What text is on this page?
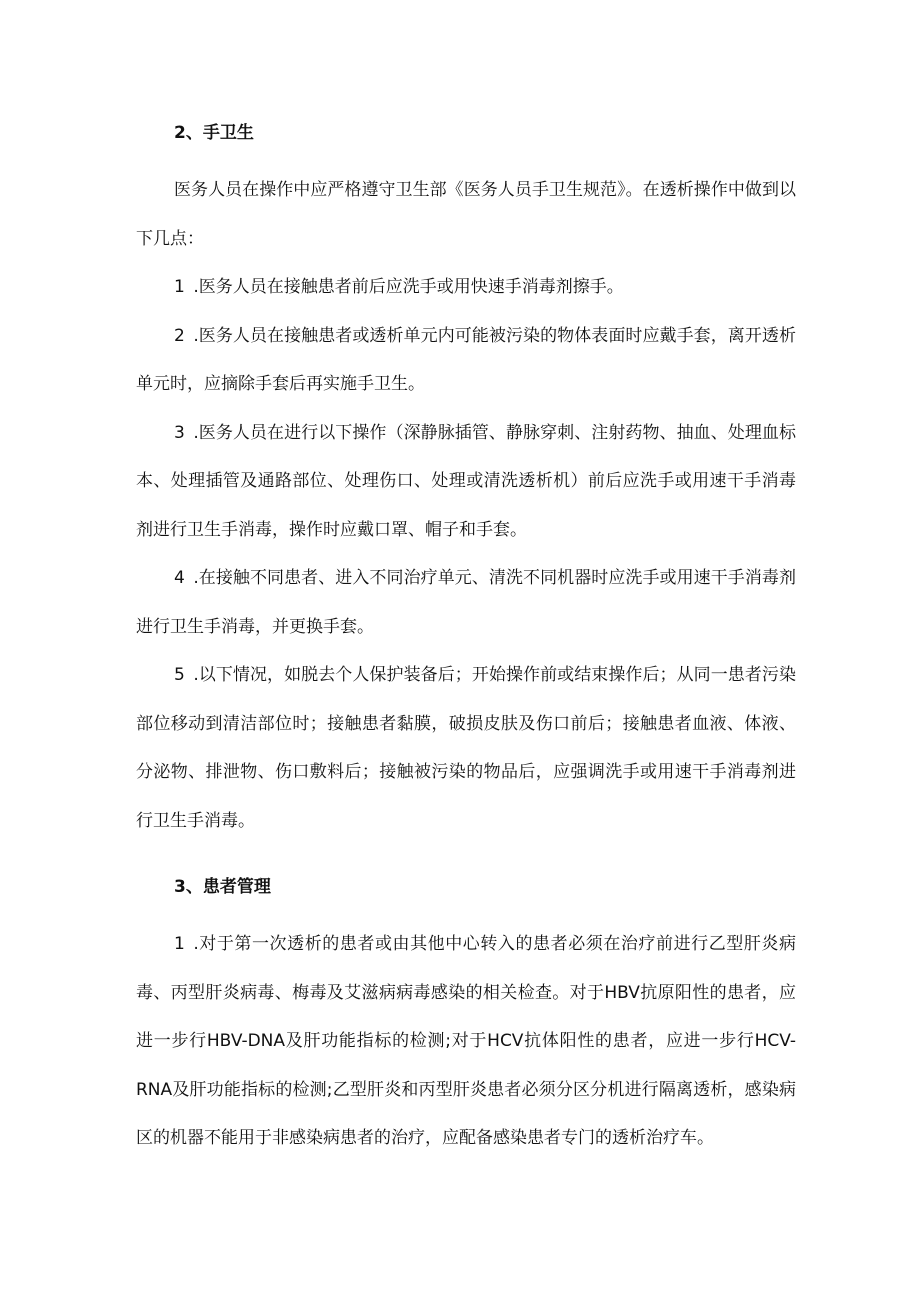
2、手卫生

医务人员在操作中应严格遵守卫生部《医务人员手卫生规范》。在透析操作中做到以下几点：

1 .医务人员在接触患者前后应洗手或用快速手消毒剂擦手。

2 .医务人员在接触患者或透析单元内可能被污染的物体表面时应戴手套，离开透析单元时，应摘除手套后再实施手卫生。

3 .医务人员在进行以下操作（深静脉插管、静脉穿刺、注射药物、抽血、处理血标本、处理插管及通路部位、处理伤口、处理或清洗透析机）前后应洗手或用速干手消毒剂进行卫生手消毒，操作时应戴口罩、帽子和手套。

4 .在接触不同患者、进入不同治疗单元、清洗不同机器时应洗手或用速干手消毒剂进行卫生手消毒，并更换手套。

5 .以下情况，如脱去个人保护装备后；开始操作前或结束操作后；从同一患者污染部位移动到清洁部位时；接触患者黏膜，破损皮肤及伤口前后；接触患者血液、体液、分泌物、排泄物、伤口敷料后；接触被污染的物品后，应强调洗手或用速干手消毒剂进行卫生手消毒。

3、患者管理

1 .对于第一次透析的患者或由其他中心转入的患者必须在治疗前进行乙型肝炎病毒、丙型肝炎病毒、梅毒及艾滋病病毒感染的相关检查。对于HBV抗原阳性的患者，应进一步行HBV-DNA及肝功能指标的检测;对于HCV抗体阳性的患者，应进一步行HCV-RNA及肝功能指标的检测;乙型肝炎和丙型肝炎患者必须分区分机进行隔离透析，感染病区的机器不能用于非感染病患者的治疗，应配备感染患者专门的透析治疗车。
